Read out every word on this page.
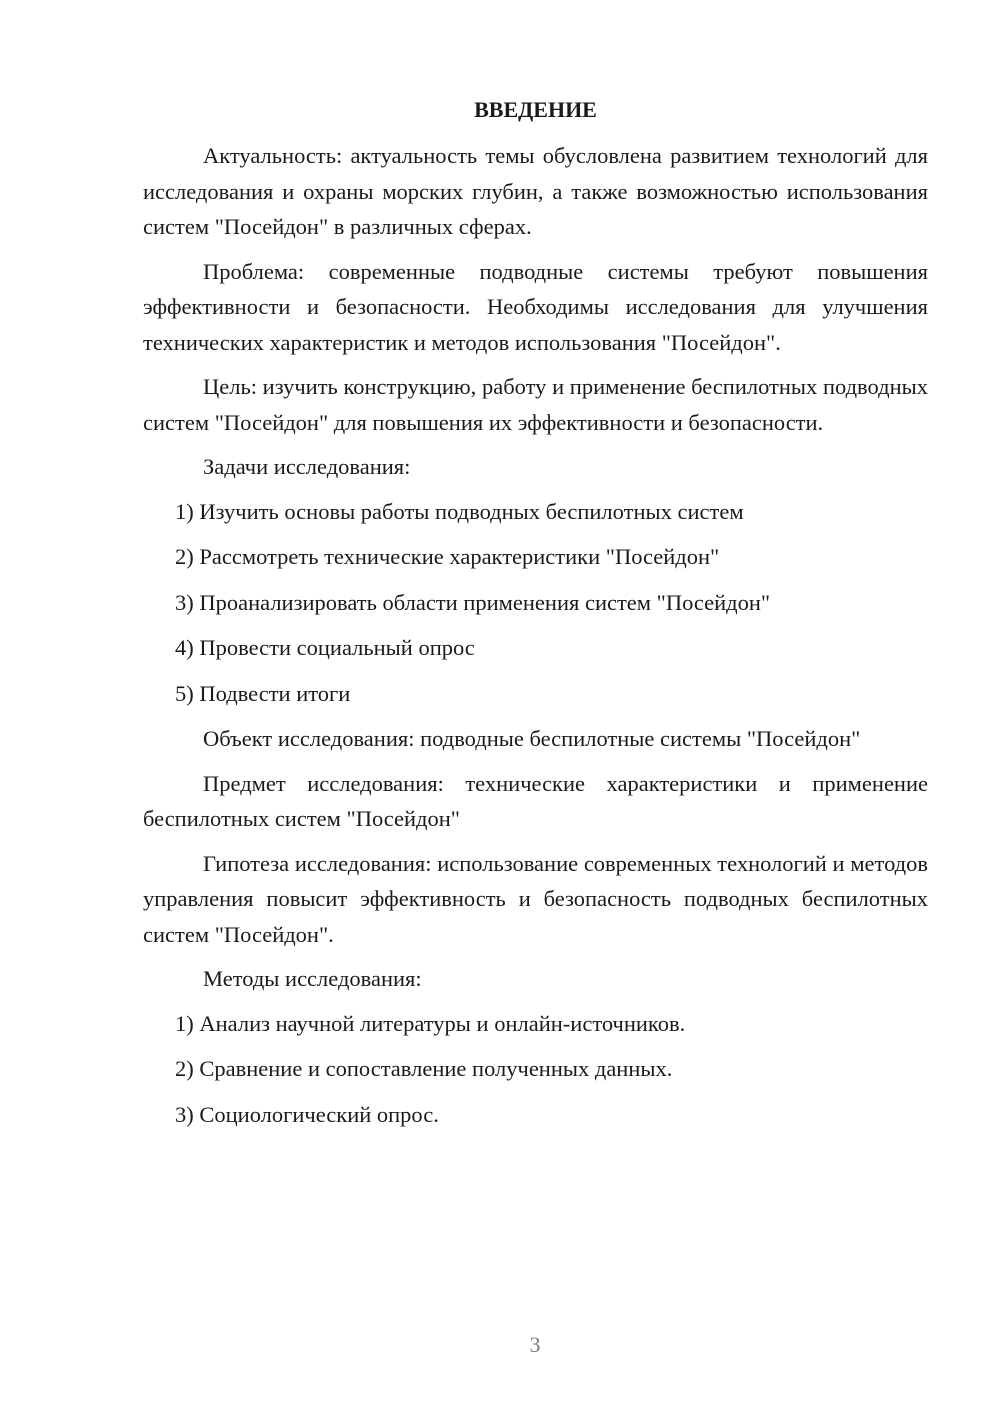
ВВЕДЕНИЕ

Актуальность: актуальность темы обусловлена развитием технологий для исследования и охраны морских глубин, а также возможностью использования систем "Посейдон" в различных сферах.

Проблема: современные подводные системы требуют повышения эффективности и безопасности. Необходимы исследования для улучшения технических характеристик и методов использования "Посейдон".

Цель: изучить конструкцию, работу и применение беспилотных подводных систем "Посейдон" для повышения их эффективности и безопасности.

Задачи исследования:

1) Изучить основы работы подводных беспилотных систем
2) Рассмотреть технические характеристики "Посейдон"
3) Проанализировать области применения систем "Посейдон"
4) Провести социальный опрос
5) Подвести итоги

Объект исследования: подводные беспилотные системы "Посейдон"

Предмет исследования: технические характеристики и применение беспилотных систем "Посейдон"

Гипотеза исследования: использование современных технологий и методов управления повысит эффективность и безопасность подводных беспилотных систем "Посейдон".

Методы исследования:

1) Анализ научной литературы и онлайн-источников.
2) Сравнение и сопоставление полученных данных.
3) Социологический опрос.
3
